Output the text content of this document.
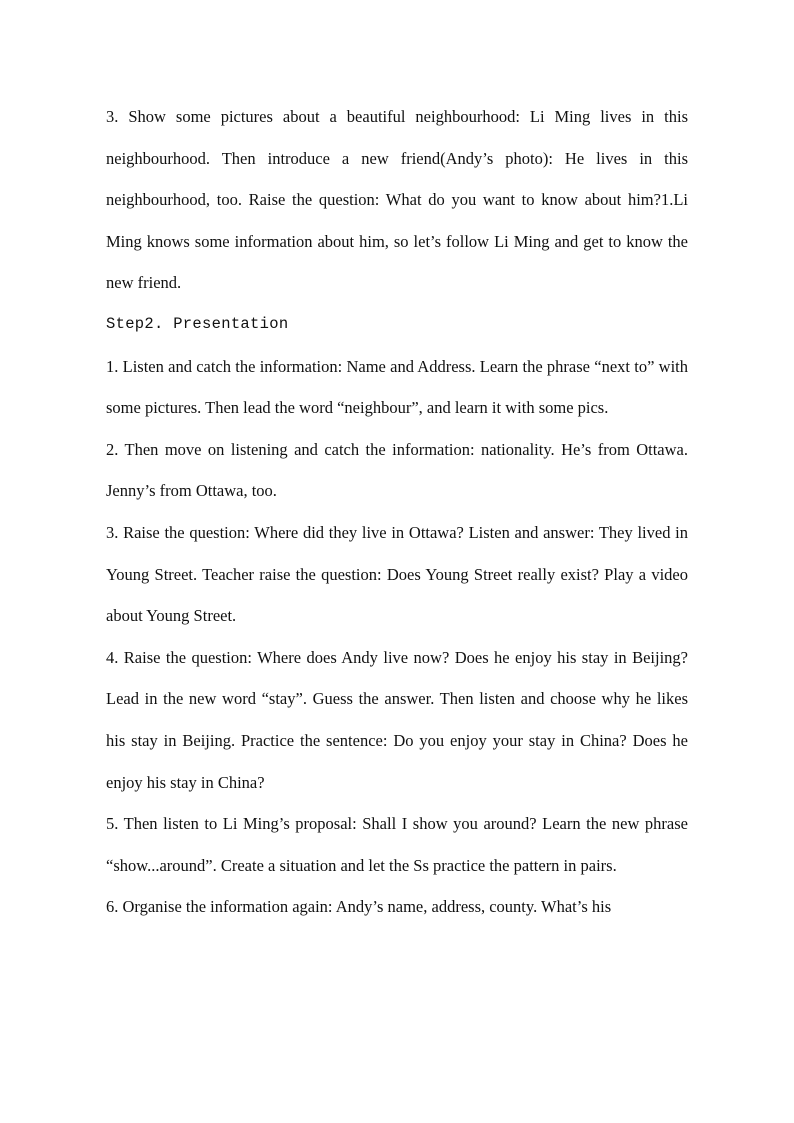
3. Show some pictures about a beautiful neighbourhood: Li Ming lives in this neighbourhood. Then introduce a new friend(Andy’s photo): He lives in this neighbourhood, too. Raise the question: What do you want to know about him?1.Li Ming knows some information about him, so let’s follow Li Ming and get to know the new friend.

Step2. Presentation

1. Listen and catch the information: Name and Address. Learn the phrase “next to” with some pictures. Then lead the word “neighbour”, and learn it with some pics.

2. Then move on listening and catch the information: nationality. He’s from Ottawa. Jenny’s from Ottawa, too.

3. Raise the question: Where did they live in Ottawa? Listen and answer: They lived in Young Street. Teacher raise the question: Does Young Street really exist? Play a video about Young Street.

4. Raise the question: Where does Andy live now? Does he enjoy his stay in Beijing? Lead in the new word “stay”. Guess the answer. Then listen and choose why he likes his stay in Beijing. Practice the sentence: Do you enjoy your stay in China? Does he enjoy his stay in China?

5. Then listen to Li Ming’s proposal: Shall I show you around? Learn the new phrase “show...around”. Create a situation and let the Ss practice the pattern in pairs.

6. Organise the information again: Andy’s name, address, county. What’s his
